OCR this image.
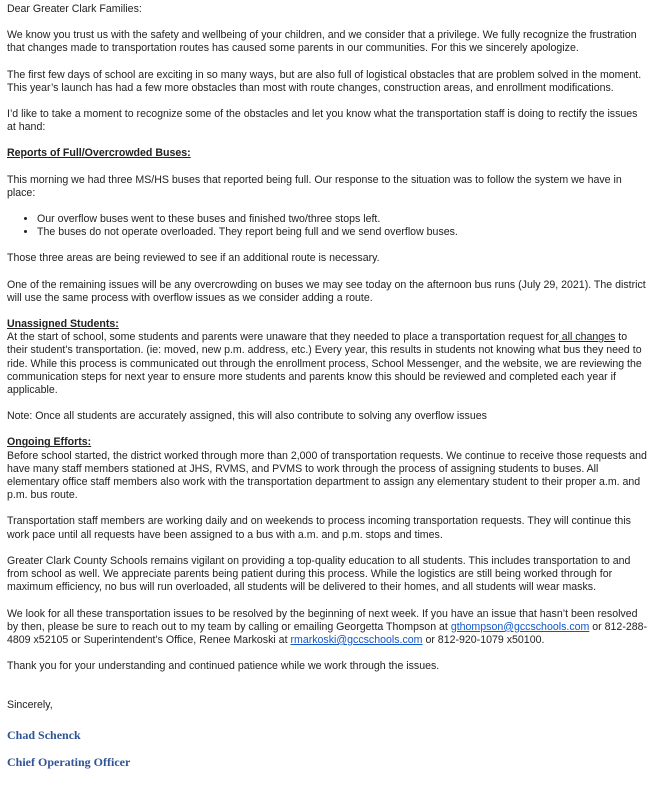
Dear Greater Clark Families:

We know you trust us with the safety and wellbeing of your children, and we consider that a privilege. We fully recognize the frustration that changes made to transportation routes has caused some parents in our communities. For this we sincerely apologize.

The first few days of school are exciting in so many ways, but are also full of logistical obstacles that are problem solved in the moment. This year’s launch has had a few more obstacles than most with route changes, construction areas, and enrollment modifications.

I’d like to take a moment to recognize some of the obstacles and let you know what the transportation staff is doing to rectify the issues at hand:

Reports of Full/Overcrowded Buses:

This morning we had three MS/HS buses that reported being full. Our response to the situation was to follow the system we have in place:

• Our overflow buses went to these buses and finished two/three stops left.
• The buses do not operate overloaded. They report being full and we send overflow buses.

Those three areas are being reviewed to see if an additional route is necessary.

One of the remaining issues will be any overcrowding on buses we may see today on the afternoon bus runs (July 29, 2021). The district will use the same process with overflow issues as we consider adding a route.

Unassigned Students:

At the start of school, some students and parents were unaware that they needed to place a transportation request for all changes to their student’s transportation. (ie: moved, new p.m. address, etc.) Every year, this results in students not knowing what bus they need to ride. While this process is communicated out through the enrollment process, School Messenger, and the website, we are reviewing the communication steps for next year to ensure more students and parents know this should be reviewed and completed each year if applicable.

Note: Once all students are accurately assigned, this will also contribute to solving any overflow issues

Ongoing Efforts:

Before school started, the district worked through more than 2,000 of transportation requests. We continue to receive those requests and have many staff members stationed at JHS, RVMS, and PVMS to work through the process of assigning students to buses. All elementary office staff members also work with the transportation department to assign any elementary student to their proper a.m. and p.m. bus route.

Transportation staff members are working daily and on weekends to process incoming transportation requests. They will continue this work pace until all requests have been assigned to a bus with a.m. and p.m. stops and times.

Greater Clark County Schools remains vigilant on providing a top-quality education to all students. This includes transportation to and from school as well. We appreciate parents being patient during this process. While the logistics are still being worked through for maximum efficiency, no bus will run overloaded, all students will be delivered to their homes, and all students will wear masks.

We look for all these transportation issues to be resolved by the beginning of next week. If you have an issue that hasn’t been resolved by then, please be sure to reach out to my team by calling or emailing Georgetta Thompson at gthompson@gccschools.com or 812-288-4809 x52105 or Superintendent’s Office, Renee Markoski at rmarkoski@gccschools.com or 812-920-1079 x50100.

Thank you for your understanding and continued patience while we work through the issues.

Sincerely,

Chad Schenck

Chief Operating Officer
